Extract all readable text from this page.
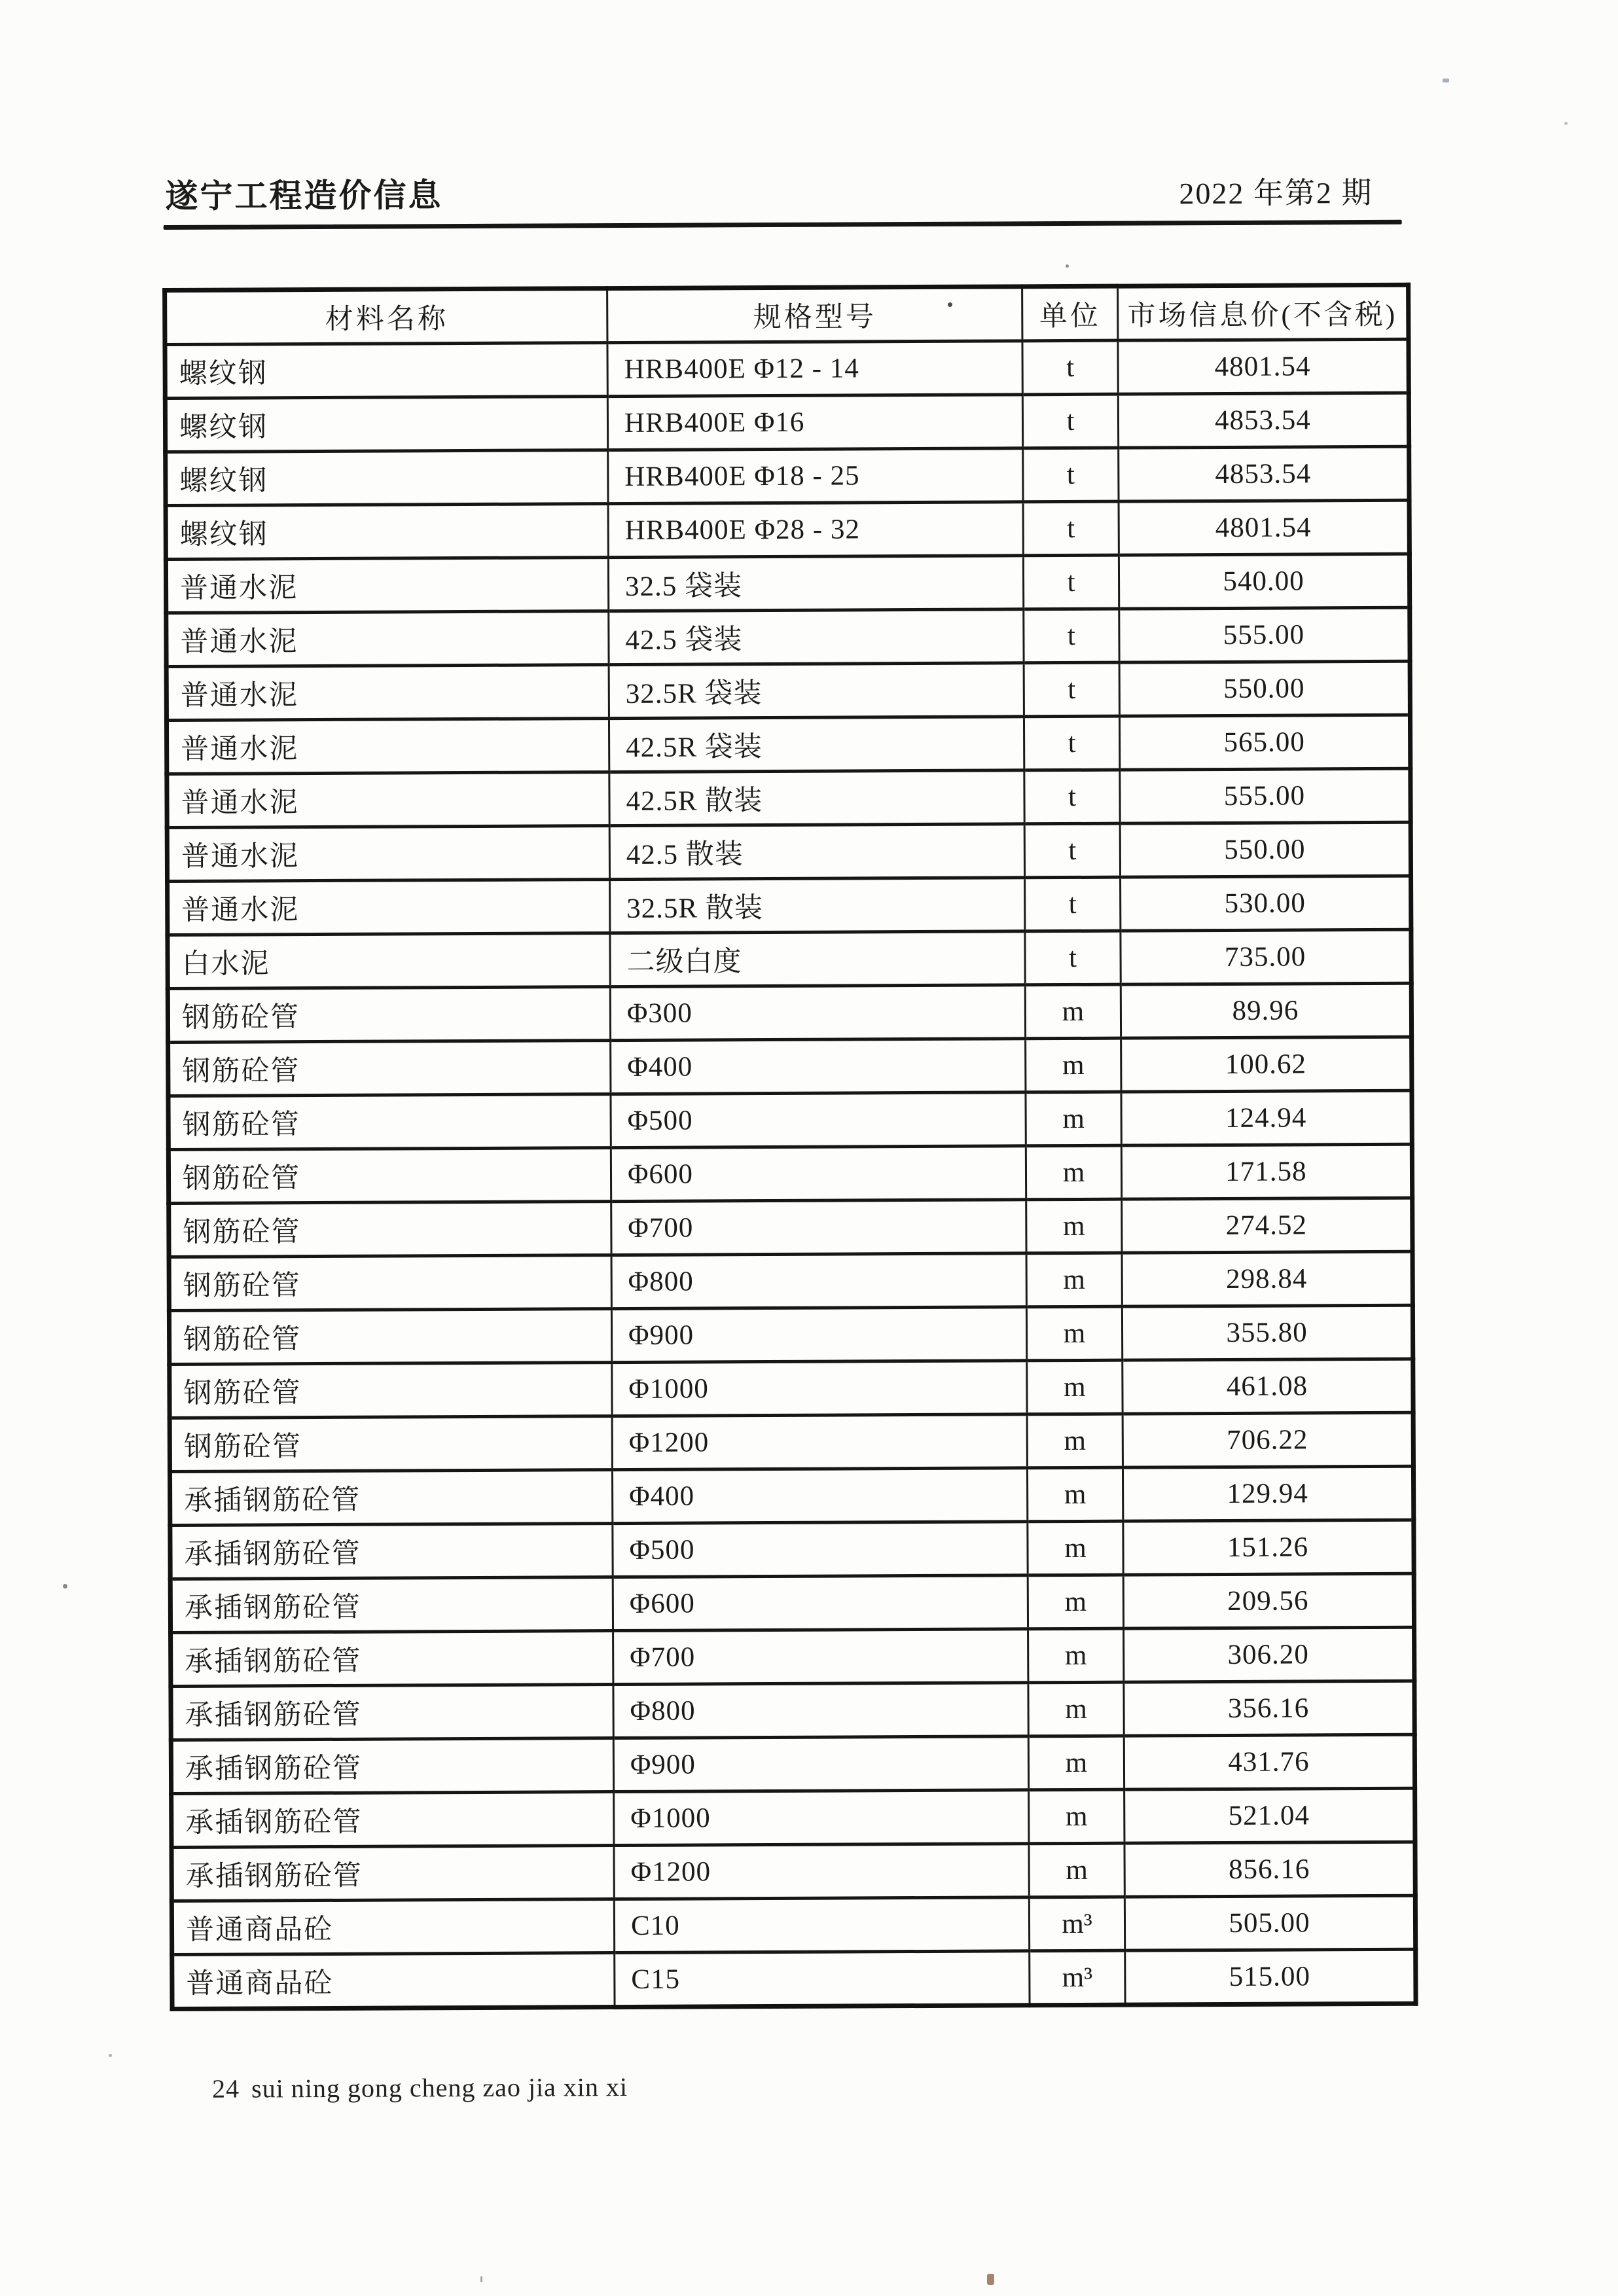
遂宁工程造价信息	2022 年第2 期
材料名称	规格型号	单位	市场信息价(不含税)
螺纹钢	HRB400E Φ12 - 14	t	4801.54
螺纹钢	HRB400E Φ16	t	4853.54
螺纹钢	HRB400E Φ18 - 25	t	4853.54
螺纹钢	HRB400E Φ28 - 32	t	4801.54
普通水泥	32.5 袋装	t	540.00
普通水泥	42.5 袋装	t	555.00
普通水泥	32.5R 袋装	t	550.00
普通水泥	42.5R 袋装	t	565.00
普通水泥	42.5R 散装	t	555.00
普通水泥	42.5 散装	t	550.00
普通水泥	32.5R 散装	t	530.00
白水泥	二级白度	t	735.00
钢筋砼管	Φ300	m	89.96
钢筋砼管	Φ400	m	100.62
钢筋砼管	Φ500	m	124.94
钢筋砼管	Φ600	m	171.58
钢筋砼管	Φ700	m	274.52
钢筋砼管	Φ800	m	298.84
钢筋砼管	Φ900	m	355.80
钢筋砼管	Φ1000	m	461.08
钢筋砼管	Φ1200	m	706.22
承插钢筋砼管	Φ400	m	129.94
承插钢筋砼管	Φ500	m	151.26
承插钢筋砼管	Φ600	m	209.56
承插钢筋砼管	Φ700	m	306.20
承插钢筋砼管	Φ800	m	356.16
承插钢筋砼管	Φ900	m	431.76
承插钢筋砼管	Φ1000	m	521.04
承插钢筋砼管	Φ1200	m	856.16
普通商品砼	C10	m³	505.00
普通商品砼	C15	m³	515.00
24 sui ning gong cheng zao jia xin xi
